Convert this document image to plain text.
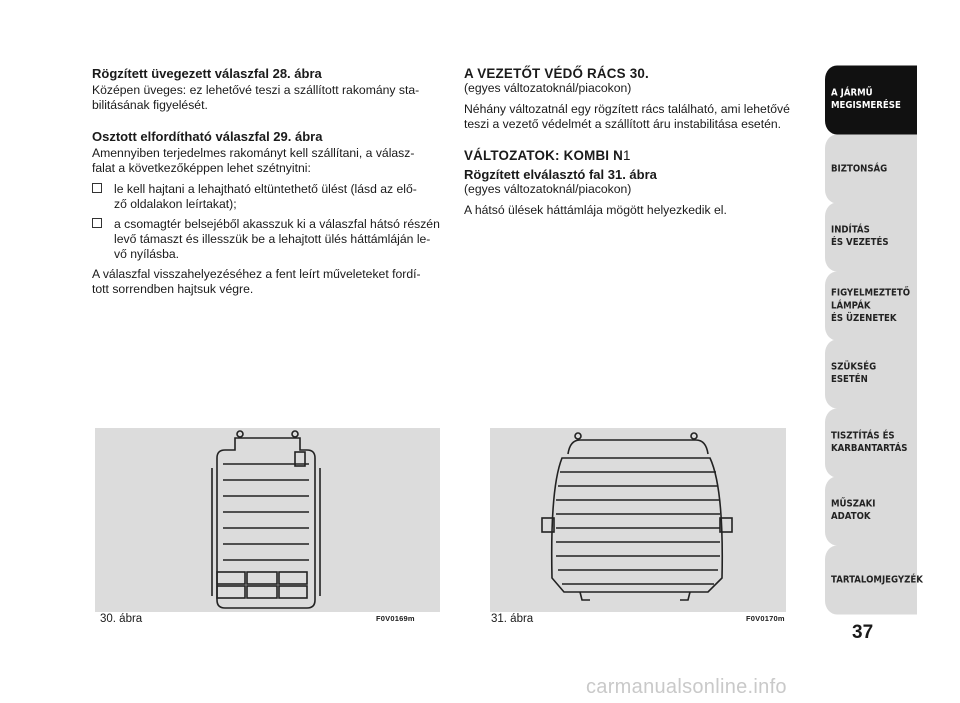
Rögzített üvegezett válaszfal 28. ábra

Középen üveges: ez lehetővé teszi a szállított rakomány sta-
bilitásának figyelését.

Osztott elfordítható válaszfal 29. ábra

Amennyiben terjedelmes rakományt kell szállítani, a válasz-
falat a következőképpen lehet szétnyitni:

le kell hajtani a lehajtható eltüntethető ülést (lásd az elő-
ző oldalakon leírtakat);
a csomagtér belsejéből akasszuk ki a válaszfal hátsó részén
levő támaszt és illesszük be a lehajtott ülés háttámláján le-
vő nyílásba.

A válaszfal visszahelyezéséhez a fent leírt műveleteket fordí-
tott sorrendben hajtsuk végre.

A VEZETŐT VÉDŐ RÁCS 30.
(egyes változatoknál/piacokon)

Néhány változatnál egy rögzített rács található, ami lehetővé
teszi a vezető védelmét a szállított áru instabilitása esetén.

VÁLTOZATOK: KOMBI N1
Rögzített elválasztó fal 31. ábra
(egyes változatoknál/piacokon)

A hátsó ülések háttámlája mögött helyezkedik el.

30. ábra	F0V0169m	31. ábra	F0V0170m
A JÁRMŰ
MEGISMERÉSE
BIZTONSÁG
INDÍTÁS
ÉS VEZETÉS
FIGYELMEZTETŐ
LÁMPÁK
ÉS ÜZENETEK
SZÜKSÉG
ESETÉN
TISZTÍTÁS ÉS
KARBANTARTÁS
MŰSZAKI
ADATOK
TARTALOMJEGYZÉK
37
carmanualsonline.info
